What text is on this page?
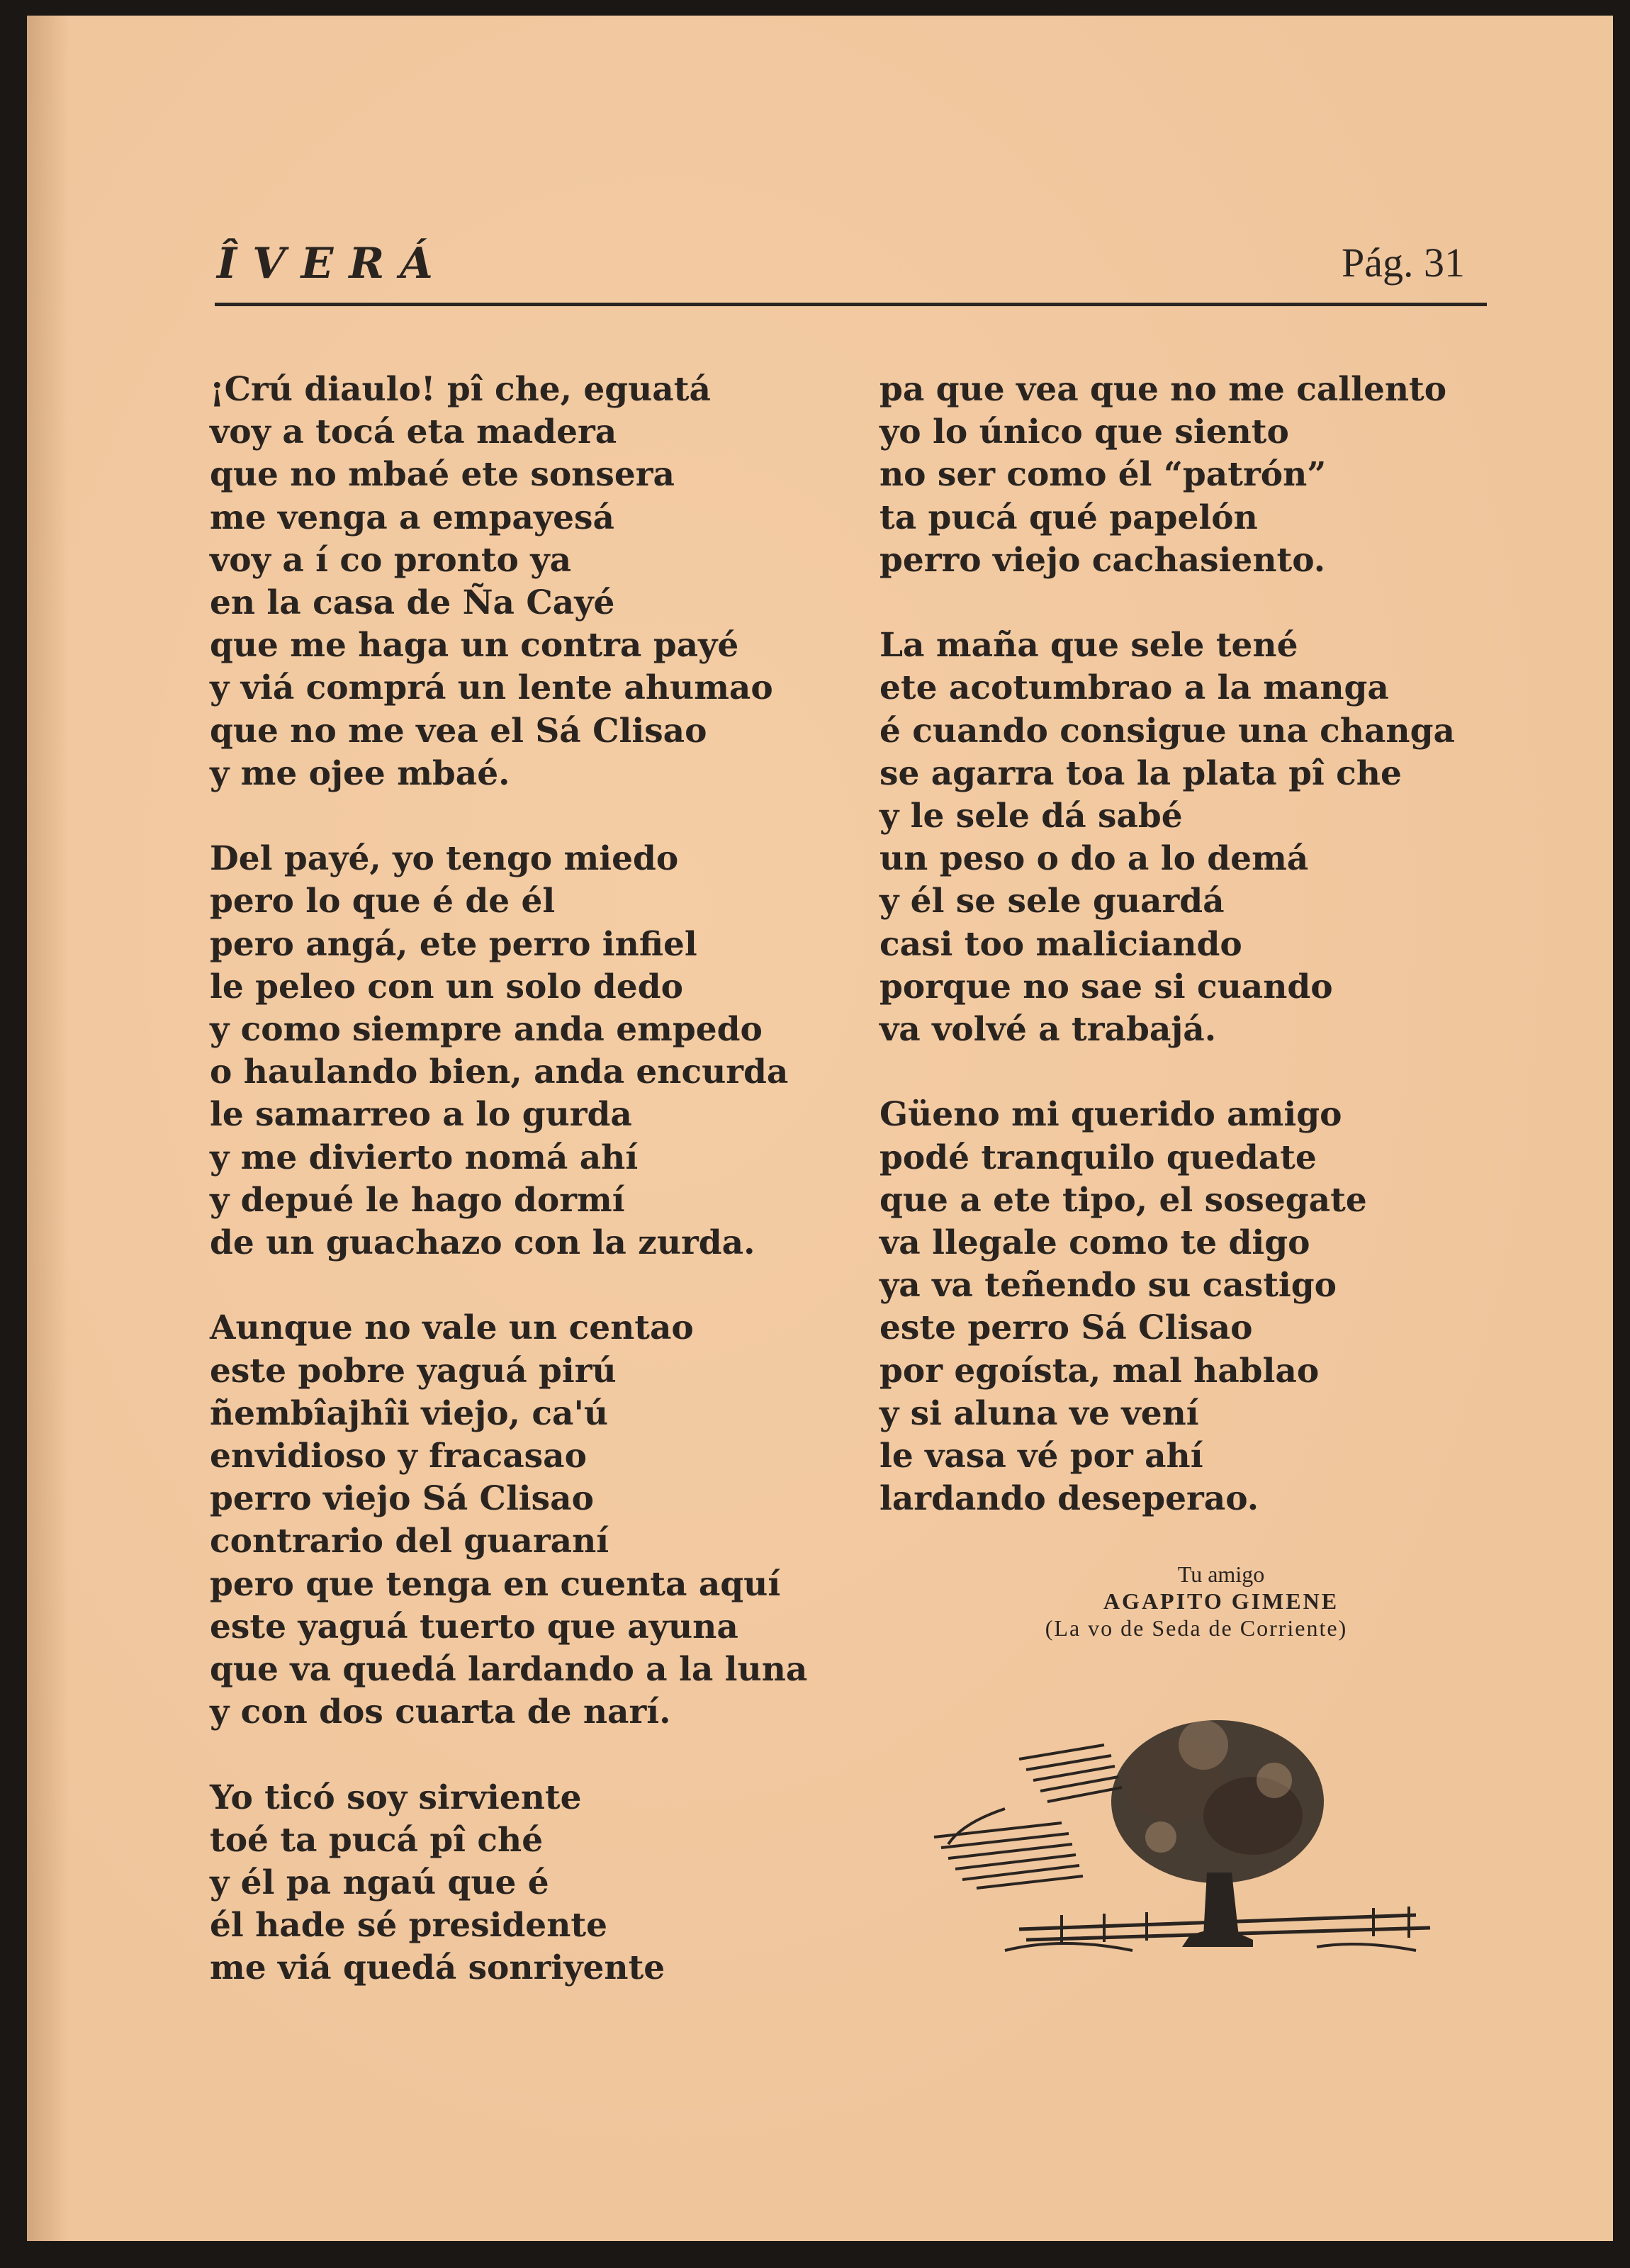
ÎVERÁ	Pág. 31
¡Crú diaulo! pî che, eguatá
voy a tocá eta madera
que no mbaé ete sonsera
me venga a empayesá
voy a í co pronto ya
en la casa de Ña Cayé
que me haga un contra payé
y viá comprá un lente ahumao
que no me vea el Sá Clisao
y me ojee mbaé.
Del payé, yo tengo miedo
pero lo que é de él
pero angá, ete perro infiel
le peleo con un solo dedo
y como siempre anda empedo
o haulando bien, anda encurda
le samarreo a lo gurda
y me divierto nomá ahí
y depué le hago dormí
de un guachazo con la zurda.
Aunque no vale un centao
este pobre yaguá pirú
ñembîajhîi viejo, ca'ú
envidioso y fracasao
perro viejo Sá Clisao
contrario del guaraní
pero que tenga en cuenta aquí
este yaguá tuerto que ayuna
que va quedá lardando a la luna
y con dos cuarta de narí.
Yo ticó soy sirviente
toé ta pucá pî ché
y él pa ngaú que é
él hade sé presidente
me viá quedá sonriyente
pa que vea que no me callento
yo lo único que siento
no ser como él “patrón”
ta pucá qué papelón
perro viejo cachasiento.
La maña que sele tené
ete acotumbrao a la manga
é cuando consigue una changa
se agarra toa la plata pî che
y le sele dá sabé
un peso o do a lo demá
y él se sele guardá
casi too maliciando
porque no sae si cuando
va volvé a trabajá.
Güeno mi querido amigo
podé tranquilo quedate
que a ete tipo, el sosegate
va llegale como te digo
ya va teñendo su castigo
este perro Sá Clisao
por egoísta, mal hablao
y si aluna ve vení
le vasa vé por ahí
lardando deseperao.
Tu amigo
AGAPITO GIMENE
(La vo de Seda de Corriente)
